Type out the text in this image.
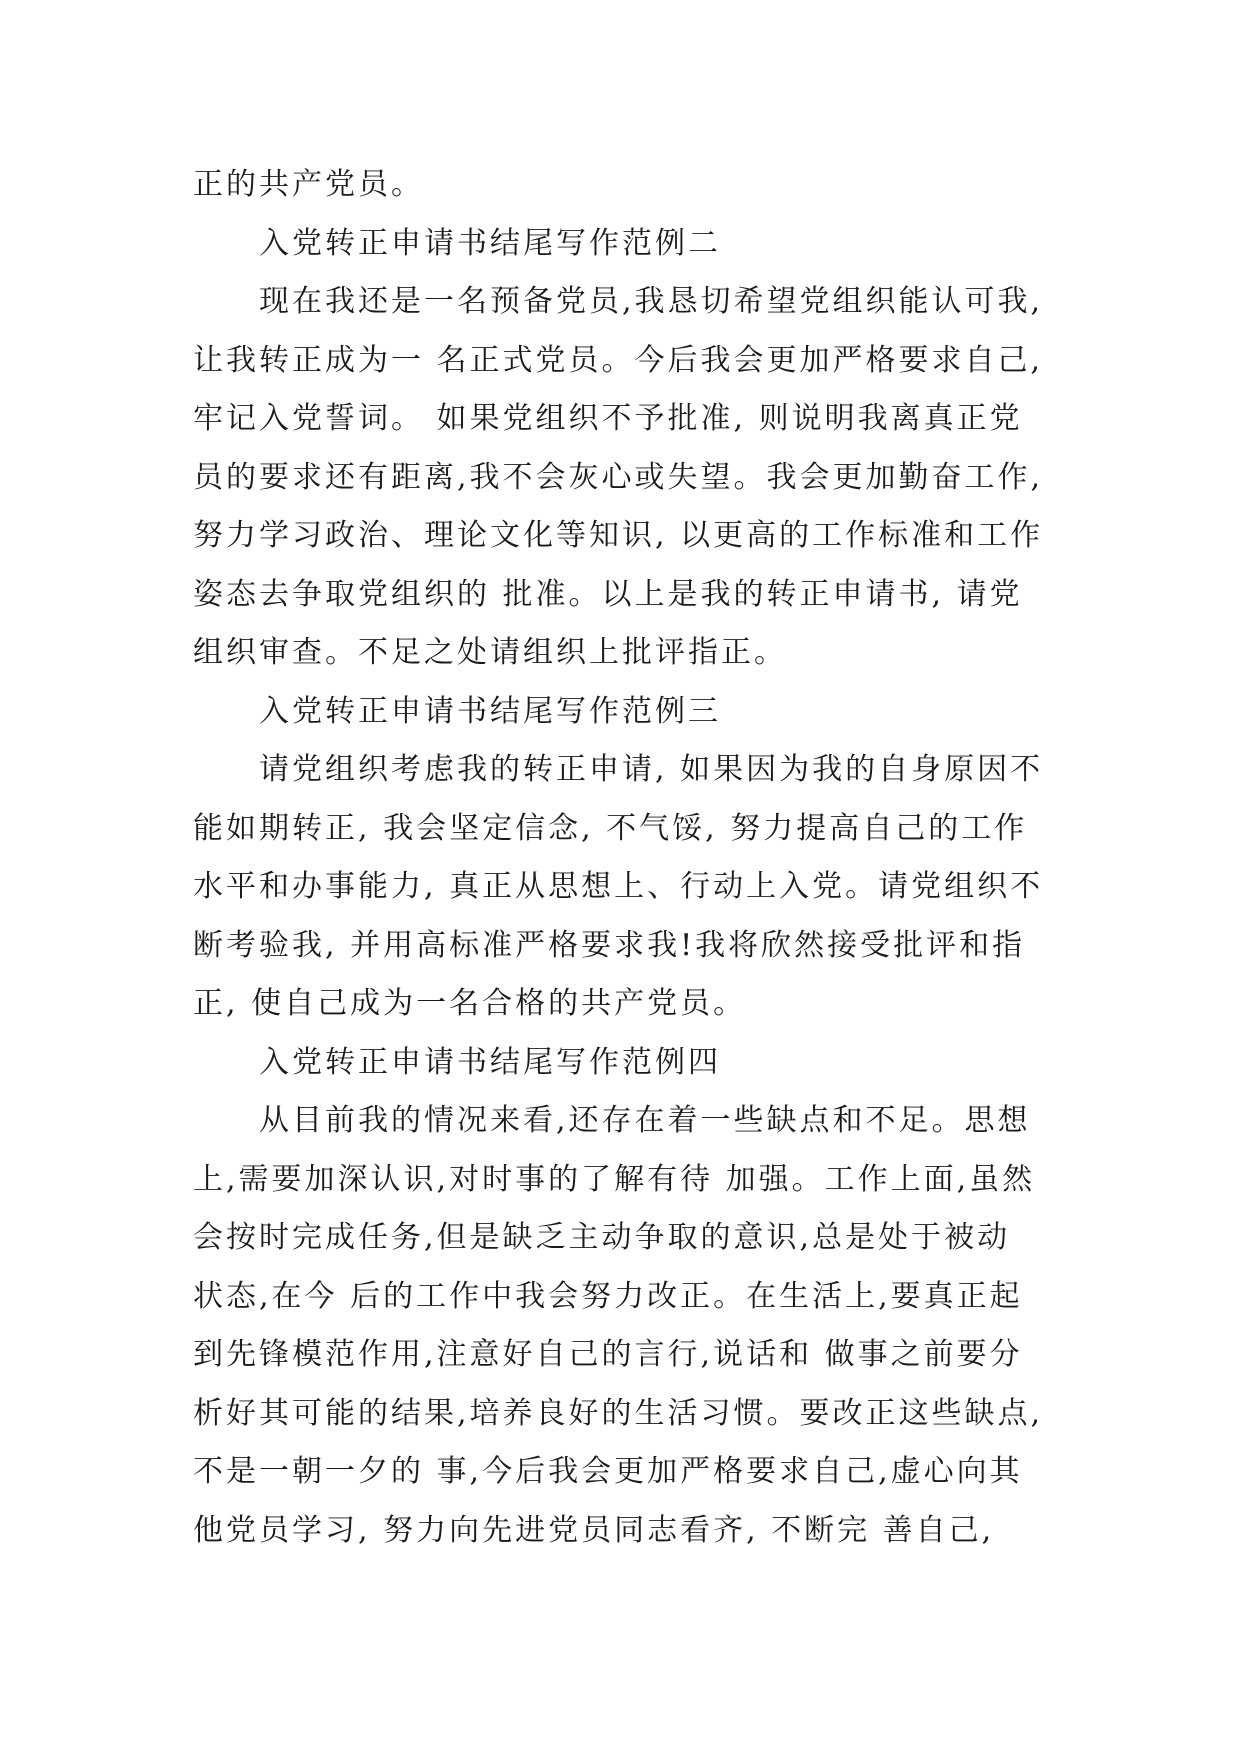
正的共产党员。
入党转正申请书结尾写作范例二
现在我还是一名预备党员,我恳切希望党组织能认可我,
让我转正成为一 名正式党员。今后我会更加严格要求自己,
牢记入党誓词。 如果党组织不予批准, 则说明我离真正党
员的要求还有距离,我不会灰心或失望。我会更加勤奋工作,
努力学习政治、理论文化等知识, 以更高的工作标准和工作
姿态去争取党组织的 批准。以上是我的转正申请书, 请党
组织审查。不足之处请组织上批评指正。
入党转正申请书结尾写作范例三
请党组织考虑我的转正申请, 如果因为我的自身原因不
能如期转正, 我会坚定信念, 不气馁, 努力提高自己的工作
水平和办事能力, 真正从思想上、行动上入党。请党组织不
断考验我, 并用高标准严格要求我!我将欣然接受批评和指
正, 使自己成为一名合格的共产党员。
入党转正申请书结尾写作范例四
从目前我的情况来看,还存在着一些缺点和不足。思想
上,需要加深认识,对时事的了解有待 加强。工作上面,虽然
会按时完成任务,但是缺乏主动争取的意识,总是处于被动
状态,在今 后的工作中我会努力改正。在生活上,要真正起
到先锋模范作用,注意好自己的言行,说话和 做事之前要分
析好其可能的结果,培养良好的生活习惯。要改正这些缺点,
不是一朝一夕的 事,今后我会更加严格要求自己,虚心向其
他党员学习, 努力向先进党员同志看齐, 不断完 善自己,
